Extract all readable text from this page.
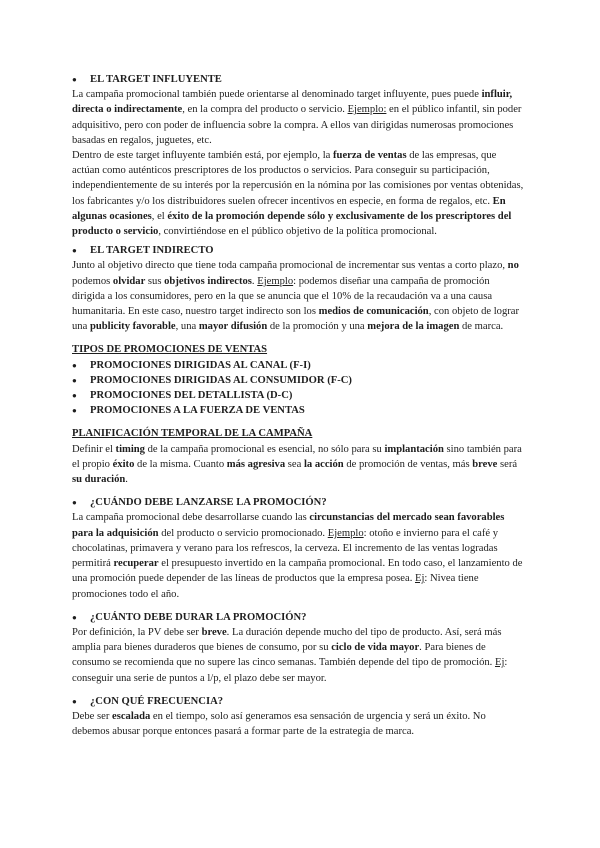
● EL TARGET INFLUYENTE

La campaña promocional también puede orientarse al denominado target influyente, pues puede influir, directa o indirectamente, en la compra del producto o servicio. Ejemplo: en el público infantil, sin poder adquisitivo, pero con poder de influencia sobre la compra. A ellos van dirigidas numerosas promociones basadas en regalos, juguetes, etc.

Dentro de este target influyente también está, por ejemplo, la fuerza de ventas de las empresas, que actúan como auténticos prescriptores de los productos o servicios. Para conseguir su participación, independientemente de su interés por la repercusión en la nómina por las comisiones por ventas obtenidas, los fabricantes y/o los distribuidores suelen ofrecer incentivos en especie, en forma de regalos, etc. En algunas ocasiones, el éxito de la promoción depende sólo y exclusivamente de los prescriptores del producto o servicio, convirtiéndose en el público objetivo de la política promocional.

● EL TARGET INDIRECTO

Junto al objetivo directo que tiene toda campaña promocional de incrementar sus ventas a corto plazo, no podemos olvidar sus objetivos indirectos. Ejemplo: podemos diseñar una campaña de promoción dirigida a los consumidores, pero en la que se anuncia que el 10% de la recaudación va a una causa humanitaria. En este caso, nuestro target indirecto son los medios de comunicación, con objeto de lograr una publicity favorable, una mayor difusión de la promoción y una mejora de la imagen de marca.

TIPOS DE PROMOCIONES DE VENTAS

● PROMOCIONES DIRIGIDAS AL CANAL (F-I)

● PROMOCIONES DIRIGIDAS AL CONSUMIDOR (F-C)

● PROMOCIONES DEL DETALLISTA (D-C)

● PROMOCIONES A LA FUERZA DE VENTAS

PLANIFICACIÓN TEMPORAL DE LA CAMPAÑA

Definir el timing de la campaña promocional es esencial, no sólo para su implantación sino también para el propio éxito de la misma. Cuanto más agresiva sea la acción de promoción de ventas, más breve será su duración.

● ¿CUÁNDO DEBE LANZARSE LA PROMOCIÓN?

La campaña promocional debe desarrollarse cuando las circunstancias del mercado sean favorables para la adquisición del producto o servicio promocionado. Ejemplo: otoño e invierno para el café y chocolatinas, primavera y verano para los refrescos, la cerveza. El incremento de las ventas logradas permitirá recuperar el presupuesto invertido en la campaña promocional. En todo caso, el lanzamiento de una promoción puede depender de las líneas de productos que la empresa posea. Ej: Nivea tiene promociones todo el año.

● ¿CUÁNTO DEBE DURAR LA PROMOCIÓN?

Por definición, la PV debe ser breve. La duración depende mucho del tipo de producto. Así, será más amplia para bienes duraderos que bienes de consumo, por su ciclo de vida mayor. Para bienes de consumo se recomienda que no supere las cinco semanas. También depende del tipo de promoción. Ej: conseguir una serie de puntos a l/p, el plazo debe ser mayor.

● ¿CON QUÉ FRECUENCIA?

Debe ser escalada en el tiempo, solo así generamos esa sensación de urgencia y será un éxito. No debemos abusar porque entonces pasará a formar parte de la estrategia de marca.
